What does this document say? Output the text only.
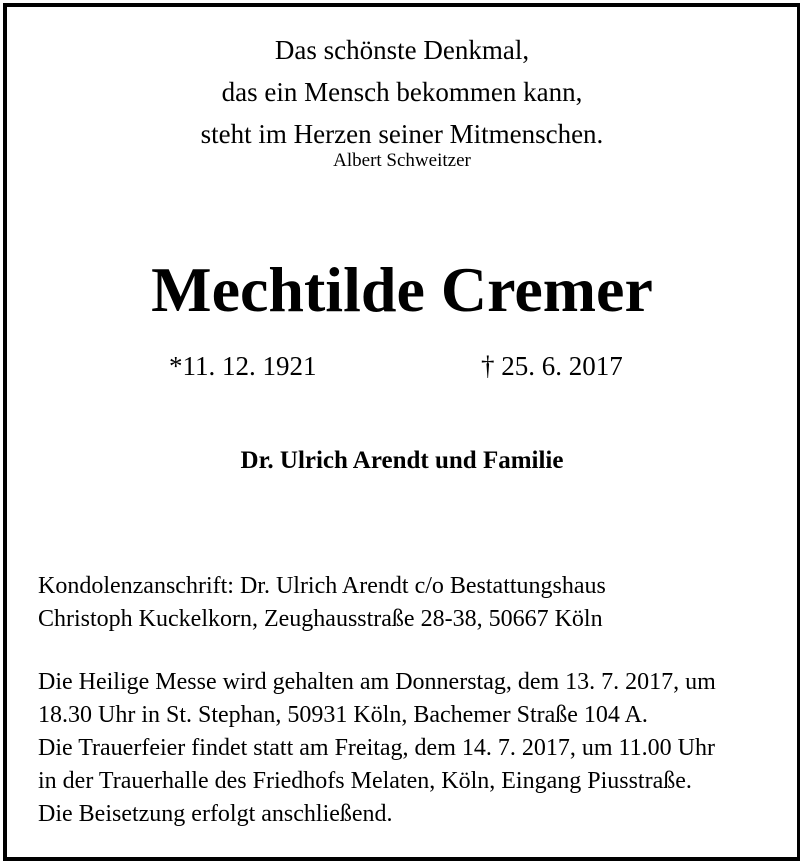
Das schönste Denkmal,
das ein Mensch bekommen kann,
steht im Herzen seiner Mitmenschen.
Albert Schweitzer
Mechtilde Cremer
*11. 12. 1921	† 25. 6. 2017
Dr. Ulrich Arendt und Familie
Kondolenzanschrift: Dr. Ulrich Arendt c/o Bestattungshaus
Christoph Kuckelkorn, Zeughausstraße 28-38, 50667 Köln
Die Heilige Messe wird gehalten am Donnerstag, dem 13. 7. 2017, um
18.30 Uhr in St. Stephan, 50931 Köln, Bachemer Straße 104 A.
Die Trauerfeier findet statt am Freitag, dem 14. 7. 2017, um 11.00 Uhr
in der Trauerhalle des Friedhofs Melaten, Köln, Eingang Piusstraße.
Die Beisetzung erfolgt anschließend.
